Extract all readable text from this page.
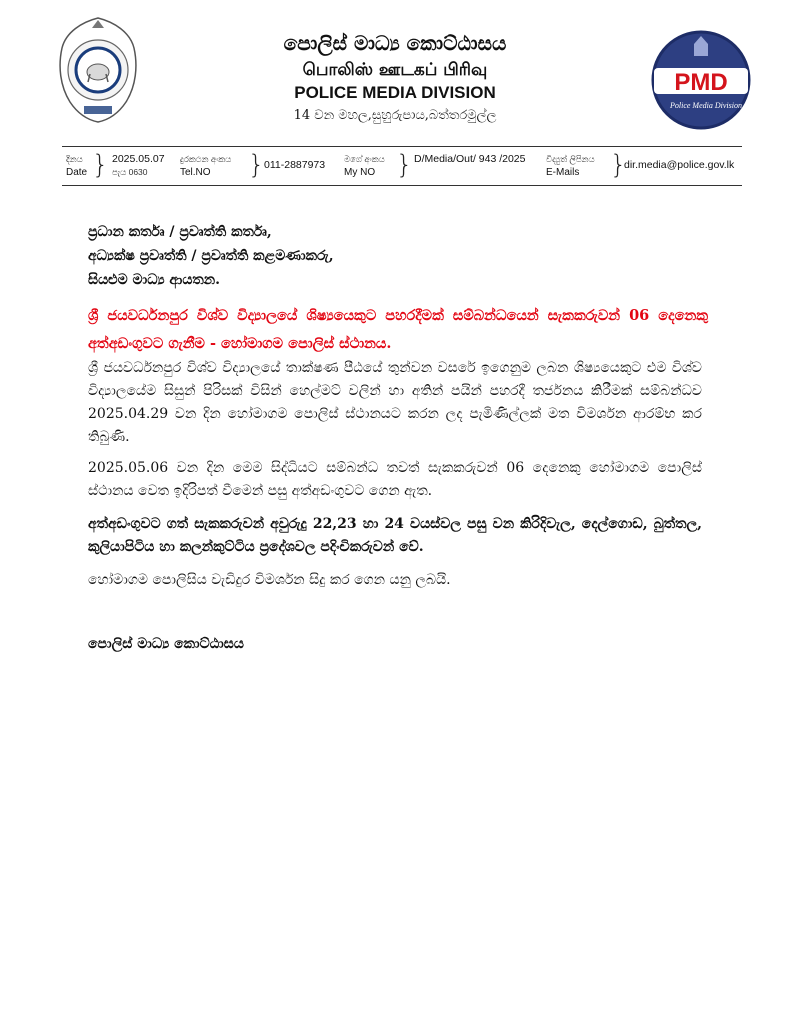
පොලිස් මාධ්‍ය කොට්ඨාසය
பொலிஸ் ஊடகப் பிரிவு
POLICE MEDIA DIVISION
14 වන මහල,සුහුරුපාය,බත්තරමුල්ල
PMD
Police Media Division
දිනය
Date } 2025.05.07
පැය 0630
දුරකථන අංකය
Tel.NO	} 011-2887973 මගේ අංකය
My NO } D/Media/Out/ 943 /2025 විද්‍යුත් ලිපිනය
E-Mails	}
dir.media@police.gov.lk
ප්‍රධාන කර්තෘ / ප්‍රවෘත්ති කර්තෘ,
අධ්‍යක්ෂ ප්‍රවෘත්ති / ප්‍රවෘත්ති කළමණාකරු,
සියළුම මාධ්‍ය ආයතන.
ශ්‍රී ජයවර්ධනපුර විශ්ව විද්‍යාලයේ ශිෂ්‍යයෙකුට පහරදීමක් සම්බන්ධයෙන් සැකකරුවන් 06 දෙනෙකු අත්අඩංගුවට ගැනීම - හෝමාගම පොලිස් ස්ථානය.
ශ්‍රී ජයවර්ධනපුර විශ්ව විද්‍යාලයේ තාක්ෂණ පීඨයේ තුන්වන වසරේ ඉගෙනුම ලබන ශිෂ්‍යයෙකුට එම විශ්ව විද්‍යාලයේම සිසුන් පිරිසක් විසින් හෙල්මට් වලින් හා අතින් පයින් පහරදී තර්ජනය කිරීමක් සම්බන්ධව 2025.04.29 වන දින හෝමාගම පොලිස් ස්ථානයට කරන ලද පැමිණිල්ලක් මත විමර්ශන ආරම්භ කර තිබුණි.
2025.05.06 වන දින මෙම සිද්ධියට සම්බන්ධ තවත් සැකකරුවන් 06 දෙනෙකු හෝමාගම පොලිස් ස්ථානය වෙත ඉදිරිපත් වීමෙන් පසු අත්අඩංගුවට ගෙන ඇත.
අත්අඩංගුවට ගත් සැකකරුවන් අවුරුදු 22,23 හා 24 වයස්වල පසු වන කිරිදිවැල, දෙල්ගොඩ, බුත්තල, කුලියාපිටිය හා කලන්කුට්ටිය ප්‍රදේශවල පදිංචිකරුවන් වේ.
හෝමාගම පොලිසිය වැඩිදුර විමර්ශන සිදු කර ගෙන යනු ලබයි.
පොලිස් මාධ්‍ය කොට්ඨාසය
